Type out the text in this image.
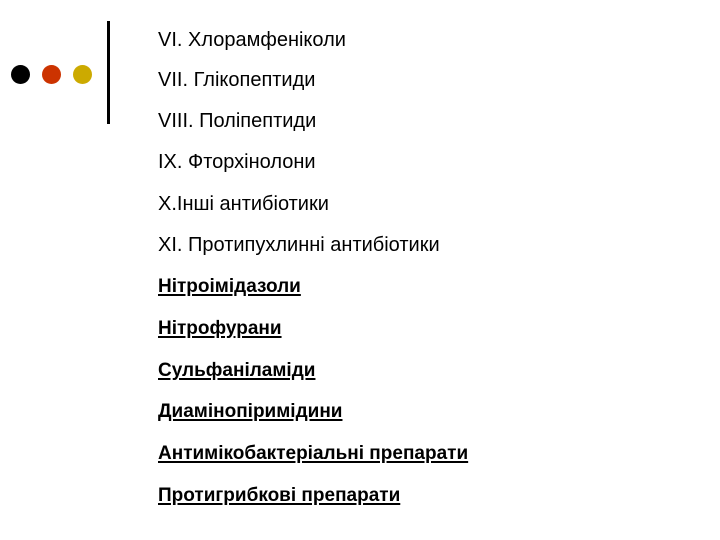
VI. Хлорамфеніколи
VII. Глікопептиди
VIII. Поліпептиди
IX. Фторхінолони
X.Інші антибіотики
XI. Протипухлинні антибіотики
Нітроімідазоли
Нітрофурани
Сульфаніламіди
Диамінопіримідини
Антимікобактеріальні препарати
Протигрибкові препарати
